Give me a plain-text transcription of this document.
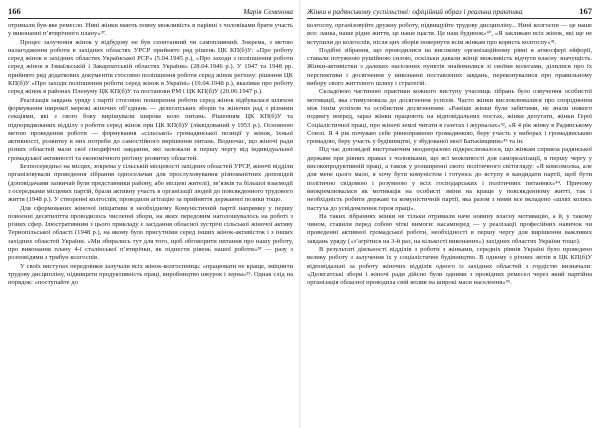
166	Марія Семенова

отримали був-яке ремесло. Нині жінки мають повну можливість в парівні з чоловіками брати участь у виконанні п’ятирічного плану»³⁷.

Процес залучення жінок у відбудову не був спонтанний чи самопливний. Зокрема, з метою налагодження роботи в західних областях УРСР прийнято ряд рішень ЦК КП(б)У: «Про роботу серед жінок в західних областях Української РСР» (5.04.1945 р.), «Про заходи з поліпшення роботи серед жінок в Ізмаїльській і Закарпатській областях України» (28.04.1946 р.). У 1947 та 1948 рр. прийнято ряд додаткових документів стосовно поліпшення роботи серед жінок регіону: рішення ЦК КП(б)У «Про заходи поліпшення роботи серед жінок в Україні» (19.04.1948 р.), вказівки про роботу серед жінок в районах Пленуму ЦК КП(б)У та постанови РМ і ЦК КП(б)У (20.06.1947 р.).

Реалізація завдань уряду і партії стосовно поширення роботи серед жінок відбувалася шляхом формування широкої мережі жіночих об’єднань — делегатських зборів та жіночих рад з різними секціями, які з свого боку вирішували широке коло питань. Рішенням ЦК КП(б)У та підпорядкованих відділу з роботи серед жінок при ЦК КП(б)У (ліквідований у 1953 р.). Основною метою проведення роботи — формування «сільської» громадянської позиції у жінок, їхньої активності, розвитку в них потреби до самостійного вирішення питань. Водночас, що жіночі ради різних областей мали свої специфічні завдання, які залежали в першу чергу від індивідуальної громадської активності та економічного регіону розвитку областей.

Безпосередньо на місцях, зокрема у сільській місцевості західних областей УРСР, жіночі відділи організовували проведення зібрання односельчан для прослуховування різноманітних доповідей (доповідачами зазвичай були представники району, або місцеві жителі), зв’язків та більшої взаємодії з осередками місцевих партій, брали активну участь в організації людей до повсякденного трудового життя (1948 р.). У створенні колгоспів, проводили агітацію за прийняття державної позики тощо.

Для сформованих жіночої ініціативи в необхідному Комуністичній партії напрямку у першу повоєнні десятиліття проводилось численні збори, на яких передовим наголошувалось на роботі з різних сфер. Ілюстративним з цього прикладу є засідання обласної зустрічі сільської жіночої активу Тернопільської області (1948 р.), на якому було присутніми серед інших жінок-активісток і з інших західних областей України. «Ми збирались тут для того, щоб обговорити питання про нашу роботу, про виконання плану 4-ї сталінської п’ятирічки, як піднести рівень нашої роботи»³⁸ — разу з розповідями з трибун колгоспів.

У своїх виступах передовики залучали всіх жінок-колгоспниць: «працювати не краще, зміцнити трудову дисципліну, підвищити продуктивність праці, виробництво шкурок і зерна»³⁹. Однак слід на порядок: «поступайте до

Жінки в радянському суспільстві: офіційний образ і реальна практика	167

колгоспу, організовуйте дружну роботу, підвищуйте трудову дисципліну... Нині колгоспи — це наше все: ланка, наше рідне життя, це наше щастя. Це наш будинок»⁴⁰, «Я закликаю всіх жінок, які ще не вступили до колгоспів, після цих зборів повернути всім жінкам про користь колгоспу»⁴¹.

Подібні зібрання, що проводилися на високому організаційному рівні в атмосфері ейфорії, ставали потужною рушійною силою, оскільки давали жінці можливість відчути власну значущість. Жінки-активістки з далеких населених пунктів знайомилися зі своїми колегами, ділилися про їх перспективи і досягнення у виконанні поставлених завдань, переконувалися про правильному вибору свого життєвого шляху і стратегій.

Складовою частиною практики кожного виступу учасниць зібрань було озвучення особистої мотивації, яка стимулювала до досягнення успіхів. Часто жінки висловлювалися про споріднення між їхнім успіхом та особистим досягненням: «Раніше жінки були забитими, не знали ніякого подвигу вперед, зараз жінки працюють на відповідальних постах, жінки депутати, жінки Герої Соціалістичної праці, про жіночі землі читати в газетах і журналах»⁴², «Я 4 рік жінку в Радянському Союзі. Я 4 рік почуваю себе рівноправною громадянкою, беру участь у виборах і громадянською громадою, беру участь у будівництві, у збудованої моєї Батьківщини»⁴³ та ін.

Під час доповідей виступаючим неодноразово підкреслювалося, що жінкам сприяла радянської держави при рівних правах з чоловіками, що всі можливості для самореалізації, в першу чергу у високопродуктивній праці, а також у розширенні свого політичного світогляду: «Я комсомолка, але для мене цього мало, я хочу бути комуністом і готуюсь до вступу в кандидати партії, щоб бути політично свідомою і розумною у всіх господарських і політичних питаннях»⁴⁴. Причому виокремлювалася як мотивація на особисті зміни на краще у повсякденному житті, так і необхідність робити державі та комуністичній партії, яка разом з ними все вкладено «шлях колись пастуха до усвідомлення героя праці».

На таких зібраннях жінки не тільки отримали наче новину власну мотивацію, а й, у такому чином, ставили перед собою чіткі вимоги: насамперед — у реалізації професійних навичок чи проведенні активної громадської роботи, необхідності в першу чергу для вирішення важливих завдань уряду («з’агрітися на 3-й раз, на кількості виконаних») західних областях України тощо).

В результаті діяльності відділів з роботи з жінками, середніх рівнів Україні було проведено велику роботу з залучення їх у соціалістичне будівництво. В одному з річних звітів в ЦК КП(б)У відповідальні за роботу жіночих відділів одного із західних областей з гордістю визначали: «Делегатські збори і жіночі ради дійсно були одними з провідних ремесел через який партійна організація обласної проводила свій вплив на широкі маси населення»⁴⁵.
